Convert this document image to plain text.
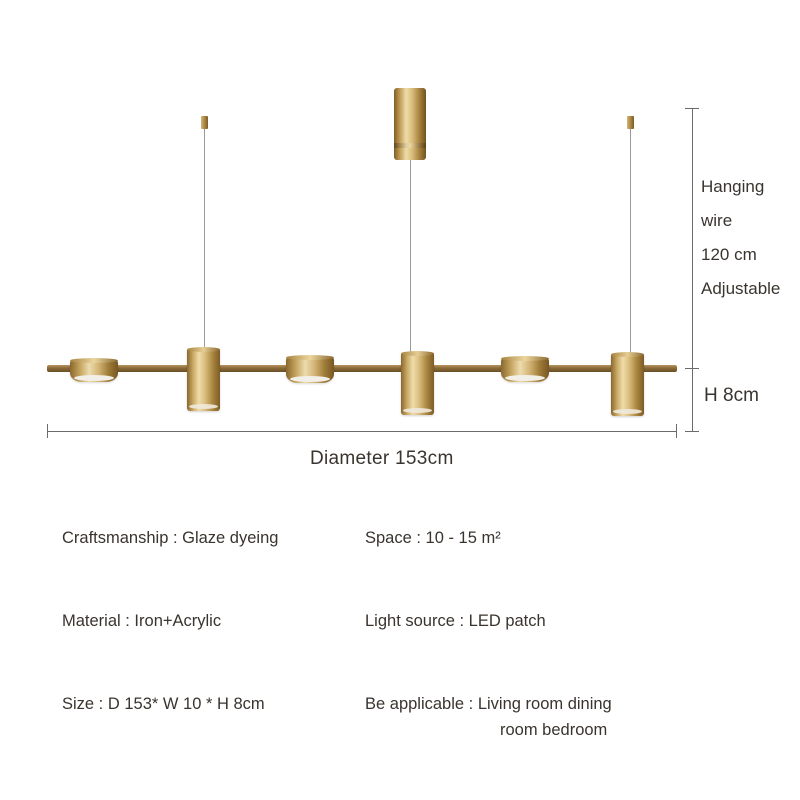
Diameter 153cm
H 8cm
Hanging
wire
120 cm
Adjustable
Craftsmanship : Glaze dyeing	Space : 10 - 15 m²
Material : Iron+Acrylic	Light source : LED patch
Size : D 153* W 10 * H 8cm	Be applicable : Living room dining
room bedroom
